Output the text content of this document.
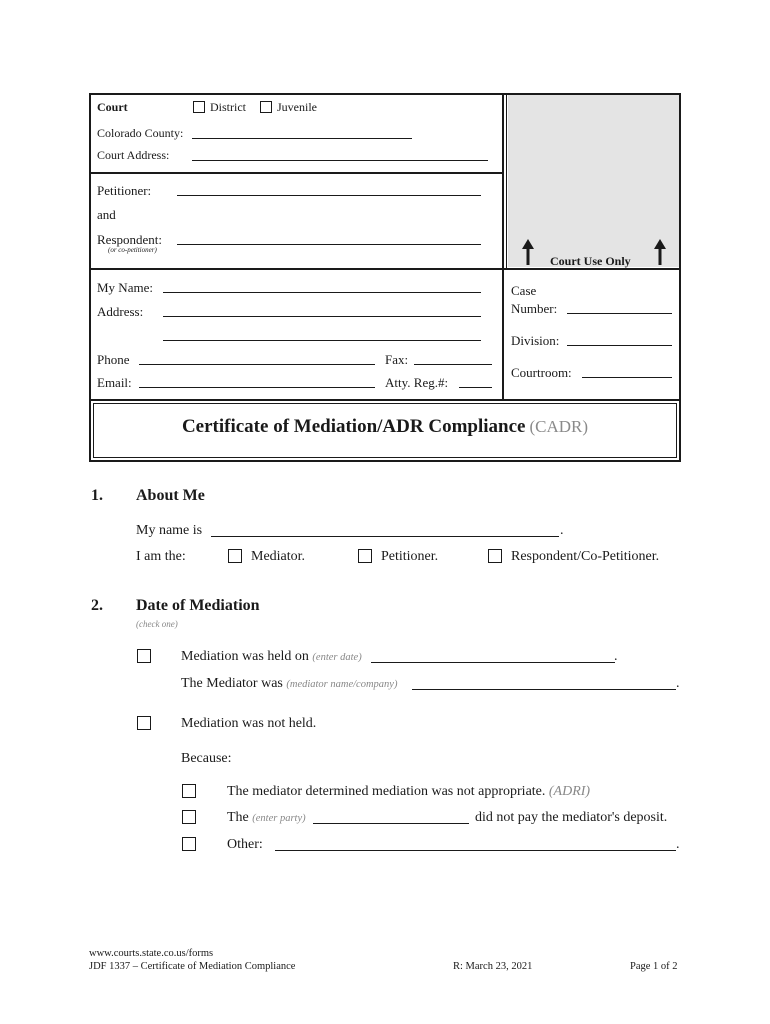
Court Use Only
Court	District	Juvenile
Colorado County:
Court Address:
Petitioner:
and
Respondent:
(or co-petitioner)
My Name:
Address:
Phone	Fax:
Email:	Atty. Reg.#:
Case
Number:
Division:
Courtroom:
Certificate of Mediation/ADR Compliance (CADR)
1. About Me
My name is	.
I am the:	Mediator.	Petitioner.	Respondent/Co-Petitioner.
2. Date of Mediation
(check one)
Mediation was held on (enter date)	.
The Mediator was (mediator name/company)	.
Mediation was not held.
Because:
The mediator determined mediation was not appropriate. (ADRI)
The (enter party)	did not pay the mediator's deposit.
Other:	.
www.courts.state.co.us/forms
JDF 1337 – Certificate of Mediation Compliance	R: March 23, 2021	Page 1 of 2
